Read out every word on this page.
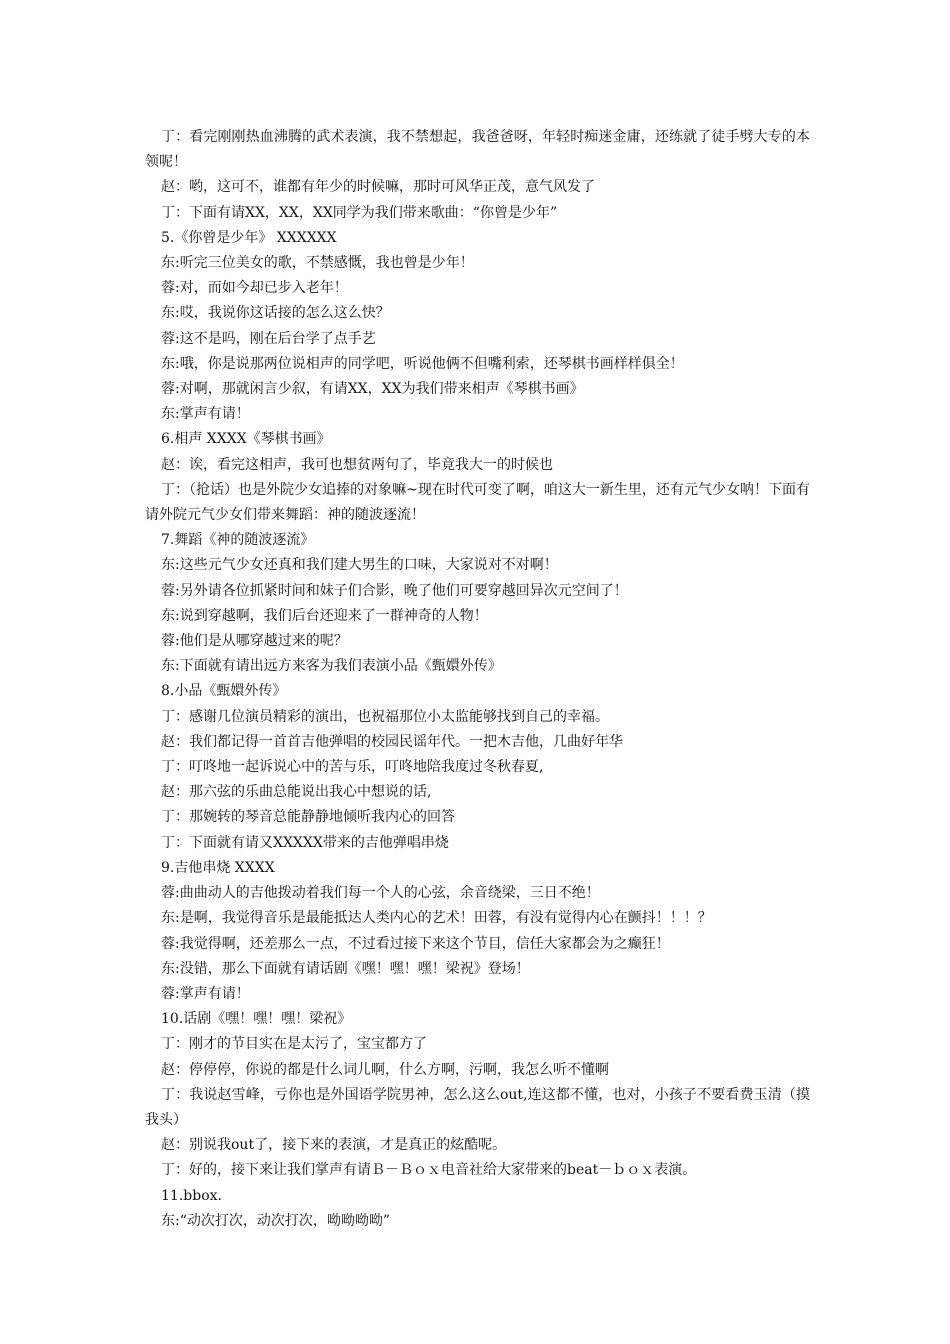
丁：看完刚刚热血沸腾的武术表演，我不禁想起，我爸爸呀，年轻时痴迷金庸，还练就了徒手劈大专的本领呢！

赵：哟，这可不，谁都有年少的时候嘛，那时可风华正茂，意气风发了

丁：下面有请XX，XX，XX同学为我们带来歌曲：“你曾是少年”

5.《你曾是少年》 XXXXXX

东:听完三位美女的歌，不禁感慨，我也曾是少年！

蓉:对，而如今却已步入老年！

东:哎，我说你这话接的怎么这么快？

蓉:这不是吗，刚在后台学了点手艺

东:哦，你是说那两位说相声的同学吧，听说他俩不但嘴利索，还琴棋书画样样俱全！

蓉:对啊，那就闲言少叙，有请XX，XX为我们带来相声《琴棋书画》

东:掌声有请！

6.相声 XXXX《琴棋书画》

赵：诶，看完这相声，我可也想贫两句了，毕竟我大一的时候也

丁：（抢话）也是外院少女追捧的对象嘛~现在时代可变了啊，咱这大一新生里，还有元气少女呐！下面有请外院元气少女们带来舞蹈：神的随波逐流！

7.舞蹈《神的随波逐流》

东:这些元气少女还真和我们建大男生的口味，大家说对不对啊！

蓉:另外请各位抓紧时间和妹子们合影，晚了他们可要穿越回异次元空间了！

东:说到穿越啊，我们后台还迎来了一群神奇的人物！

蓉:他们是从哪穿越过来的呢？

东:下面就有请出远方来客为我们表演小品《甄嬛外传》

8.小品《甄嬛外传》

丁：感谢几位演员精彩的演出，也祝福那位小太监能够找到自己的幸福。

赵：我们都记得一首首吉他弹唱的校园民谣年代。一把木吉他，几曲好年华

丁：叮咚地一起诉说心中的苦与乐，叮咚地陪我度过冬秋春夏,

赵：那六弦的乐曲总能说出我心中想说的话,

丁：那婉转的琴音总能静静地倾听我内心的回答

丁：下面就有请又XXXXX带来的吉他弹唱串烧

9.吉他串烧 XXXX

蓉:曲曲动人的吉他拨动着我们每一个人的心弦，余音绕梁，三日不绝！

东:是啊，我觉得音乐是最能抵达人类内心的艺术！田蓉，有没有觉得内心在颤抖！！！？

蓉:我觉得啊，还差那么一点，不过看过接下来这个节目，信任大家都会为之癫狂！

东:没错，那么下面就有请话剧《嘿！嘿！嘿！梁祝》登场！

蓉:掌声有请！

10.话剧《嘿！嘿！嘿！梁祝》

丁：刚才的节目实在是太污了，宝宝都方了

赵：停停停，你说的都是什么词儿啊，什么方啊，污啊，我怎么听不懂啊

丁：我说赵雪峰，亏你也是外国语学院男神，怎么这么out,连这都不懂，也对，小孩子不要看费玉清（摸我头）

赵：别说我out了，接下来的表演，才是真正的炫酷呢。

丁：好的，接下来让我们掌声有请Ｂ－Ｂｏｘ电音社给大家带来的beat－ｂｏｘ表演。

11.bbox.

东:“动次打次，动次打次，呦呦呦呦”
